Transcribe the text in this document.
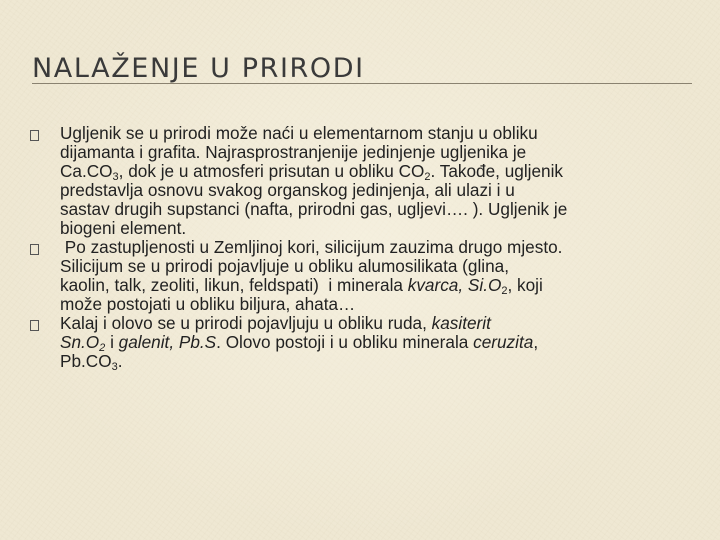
NALAŽENJE U PRIRODI
Ugljenik se u prirodi može naći u elementarnom stanju u obliku
dijamanta i grafita. Najrasprostranjenije jedinjenje ugljenika je
$Ca.CO_3$, dok je u atmosferi prisutan u obliku $CO_2$. Takođe, ugljenik
predstavlja osnovu svakog organskog jedinjenja, ali ulazi i u
sastav drugih supstanci (nafta, prirodni gas, ugljevi…. ). Ugljenik je
biogeni element.
Po zastupljenosti u Zemljinoj kori, silicijum zauzima drugo mjesto.
Silicijum se u prirodi pojavljuje u obliku alumosilikata (glina,
kaolin, talk, zeoliti, likun, feldspati)  i minerala kvarca, $Si.O_2$, koji
može postojati u obliku biljura, ahata…
Kalaj i olovo se u prirodi pojavljuju u obliku ruda, kasiterit
$Sn.O_2$ i galenit, Pb.S. Olovo postoji i u obliku minerala ceruzita,
$Pb.CO_3$.
